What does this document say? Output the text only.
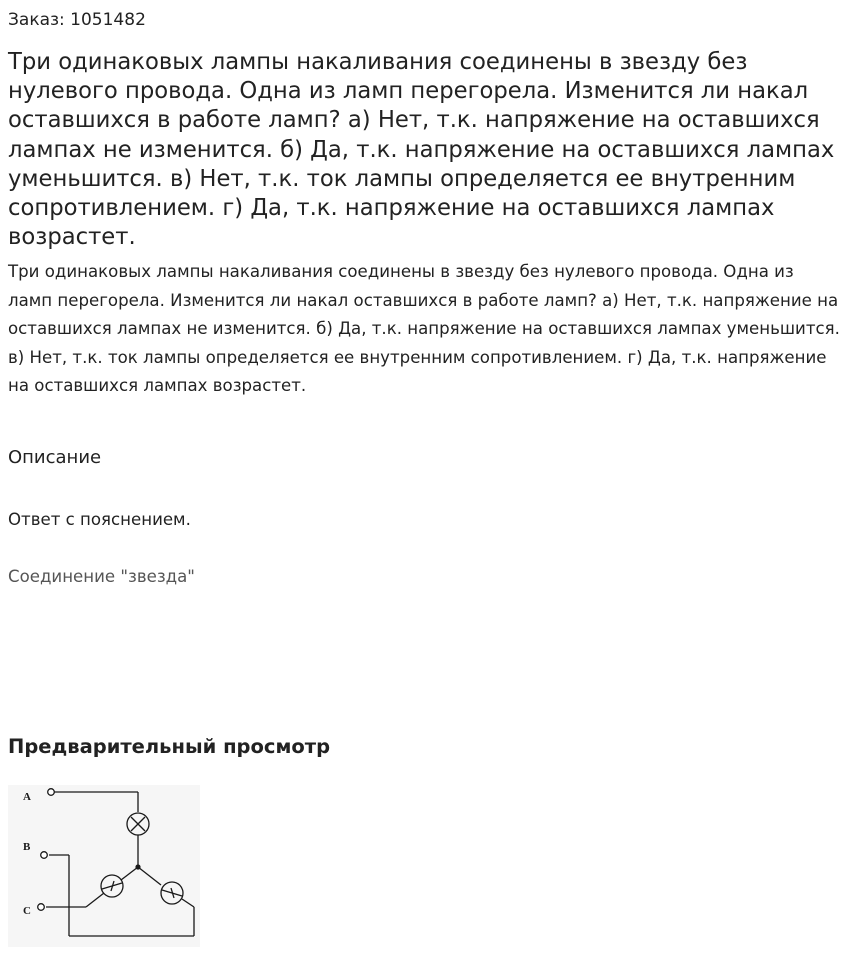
Заказ: 1051482
Три одинаковых лампы накаливания соединены в звезду без нулевого провода. Одна из ламп перегорела. Изменится ли накал оставшихся в работе ламп? а) Нет, т.к. напряжение на оставшихся лампах не изменится. б) Да, т.к. напряжение на оставшихся лампах уменьшится. в) Нет, т.к. ток лампы определяется ее внутренним сопротивлением. г) Да, т.к. напряжение на оставшихся лампах возрастет.

Три одинаковых лампы накаливания соединены в звезду без нулевого провода. Одна из ламп перегорела. Изменится ли накал оставшихся в работе ламп? а) Нет, т.к. напряжение на оставшихся лампах не изменится. б) Да, т.к. напряжение на оставшихся лампах уменьшится. в) Нет, т.к. ток лампы определяется ее внутренним сопротивлением. г) Да, т.к. напряжение на оставшихся лампах возрастет.

Описание
Ответ с пояснением.
Соединение "звезда"
Предварительный просмотр
A
B
C
